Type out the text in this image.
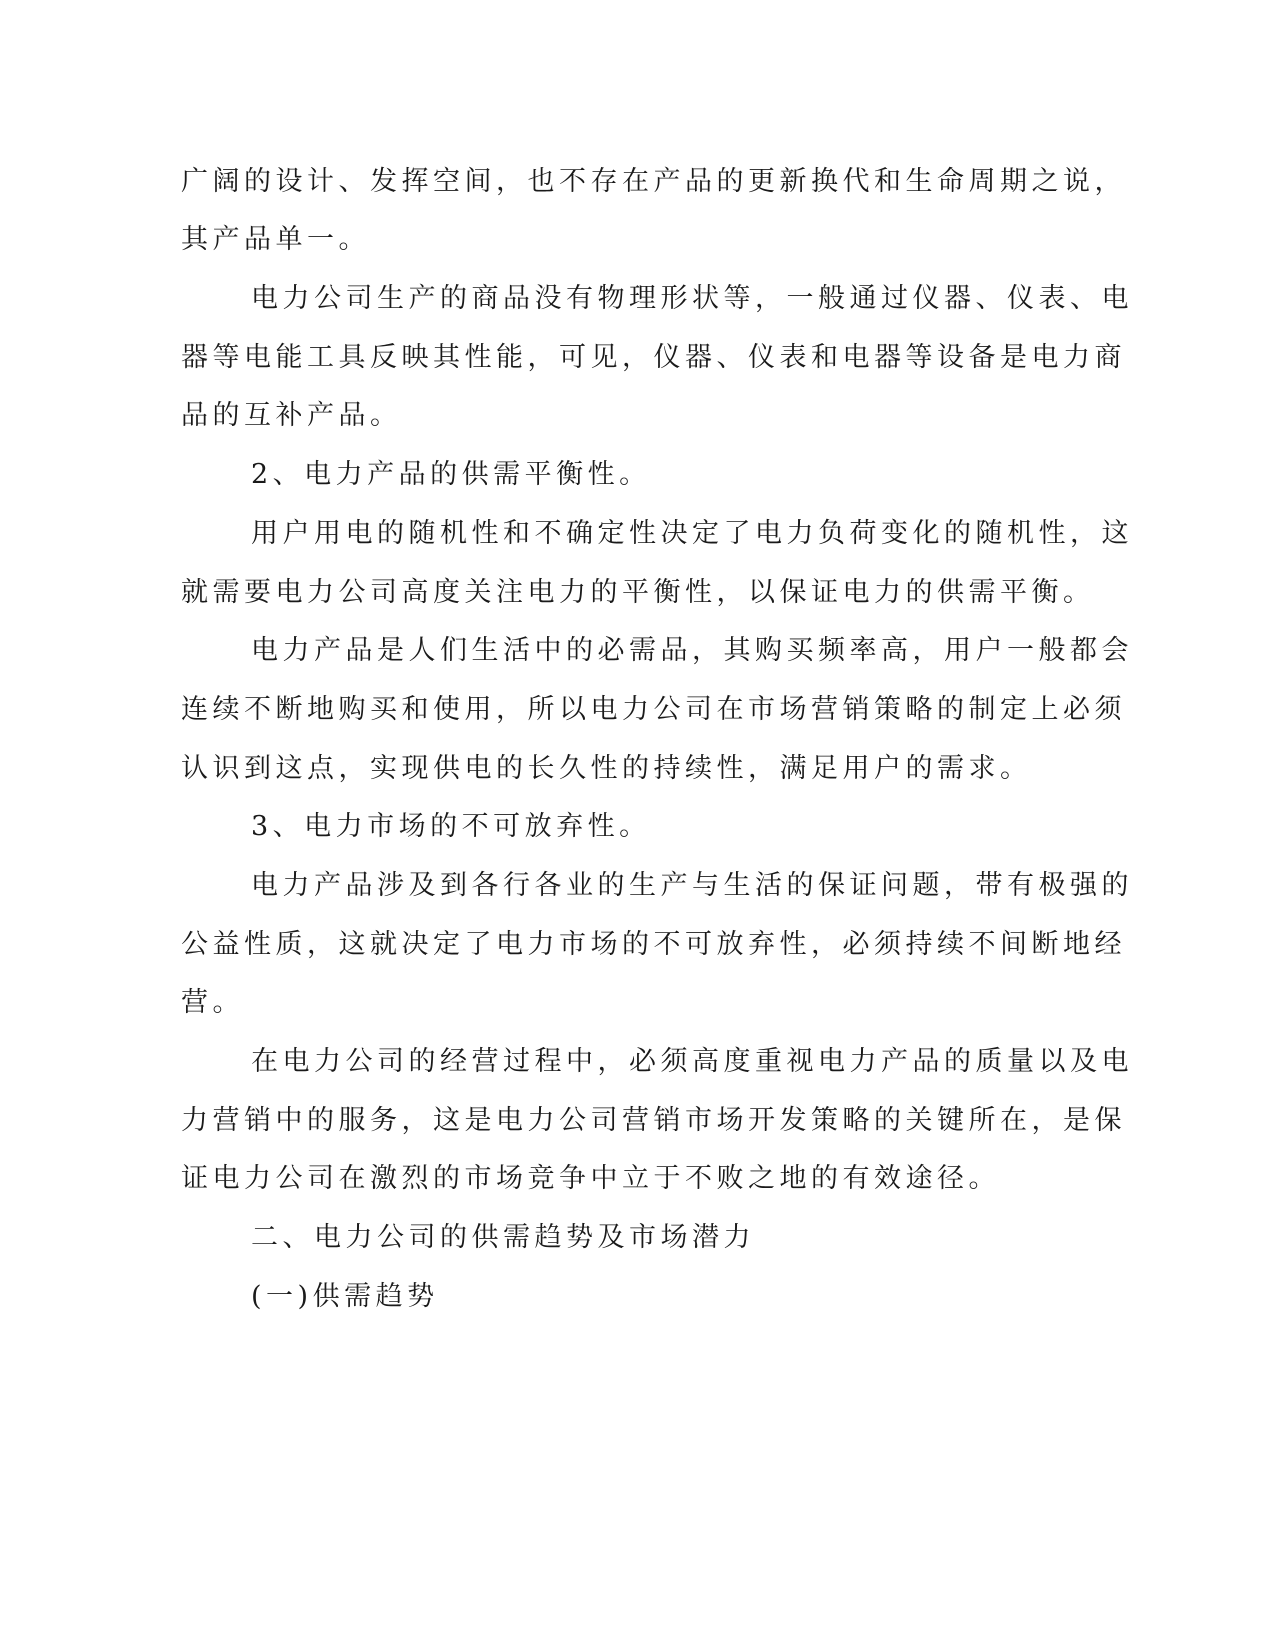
广阔的设计、发挥空间，也不存在产品的更新换代和生命周期之说，
其产品单一。
电力公司生产的商品没有物理形状等，一般通过仪器、仪表、电
器等电能工具反映其性能，可见，仪器、仪表和电器等设备是电力商
品的互补产品。
2、电力产品的供需平衡性。
用户用电的随机性和不确定性决定了电力负荷变化的随机性，这
就需要电力公司高度关注电力的平衡性，以保证电力的供需平衡。
电力产品是人们生活中的必需品，其购买频率高，用户一般都会
连续不断地购买和使用，所以电力公司在市场营销策略的制定上必须
认识到这点，实现供电的长久性的持续性，满足用户的需求。
3、电力市场的不可放弃性。
电力产品涉及到各行各业的生产与生活的保证问题，带有极强的
公益性质，这就决定了电力市场的不可放弃性，必须持续不间断地经
营。
在电力公司的经营过程中，必须高度重视电力产品的质量以及电
力营销中的服务，这是电力公司营销市场开发策略的关键所在，是保
证电力公司在激烈的市场竞争中立于不败之地的有效途径。
二、电力公司的供需趋势及市场潜力
(一)供需趋势
